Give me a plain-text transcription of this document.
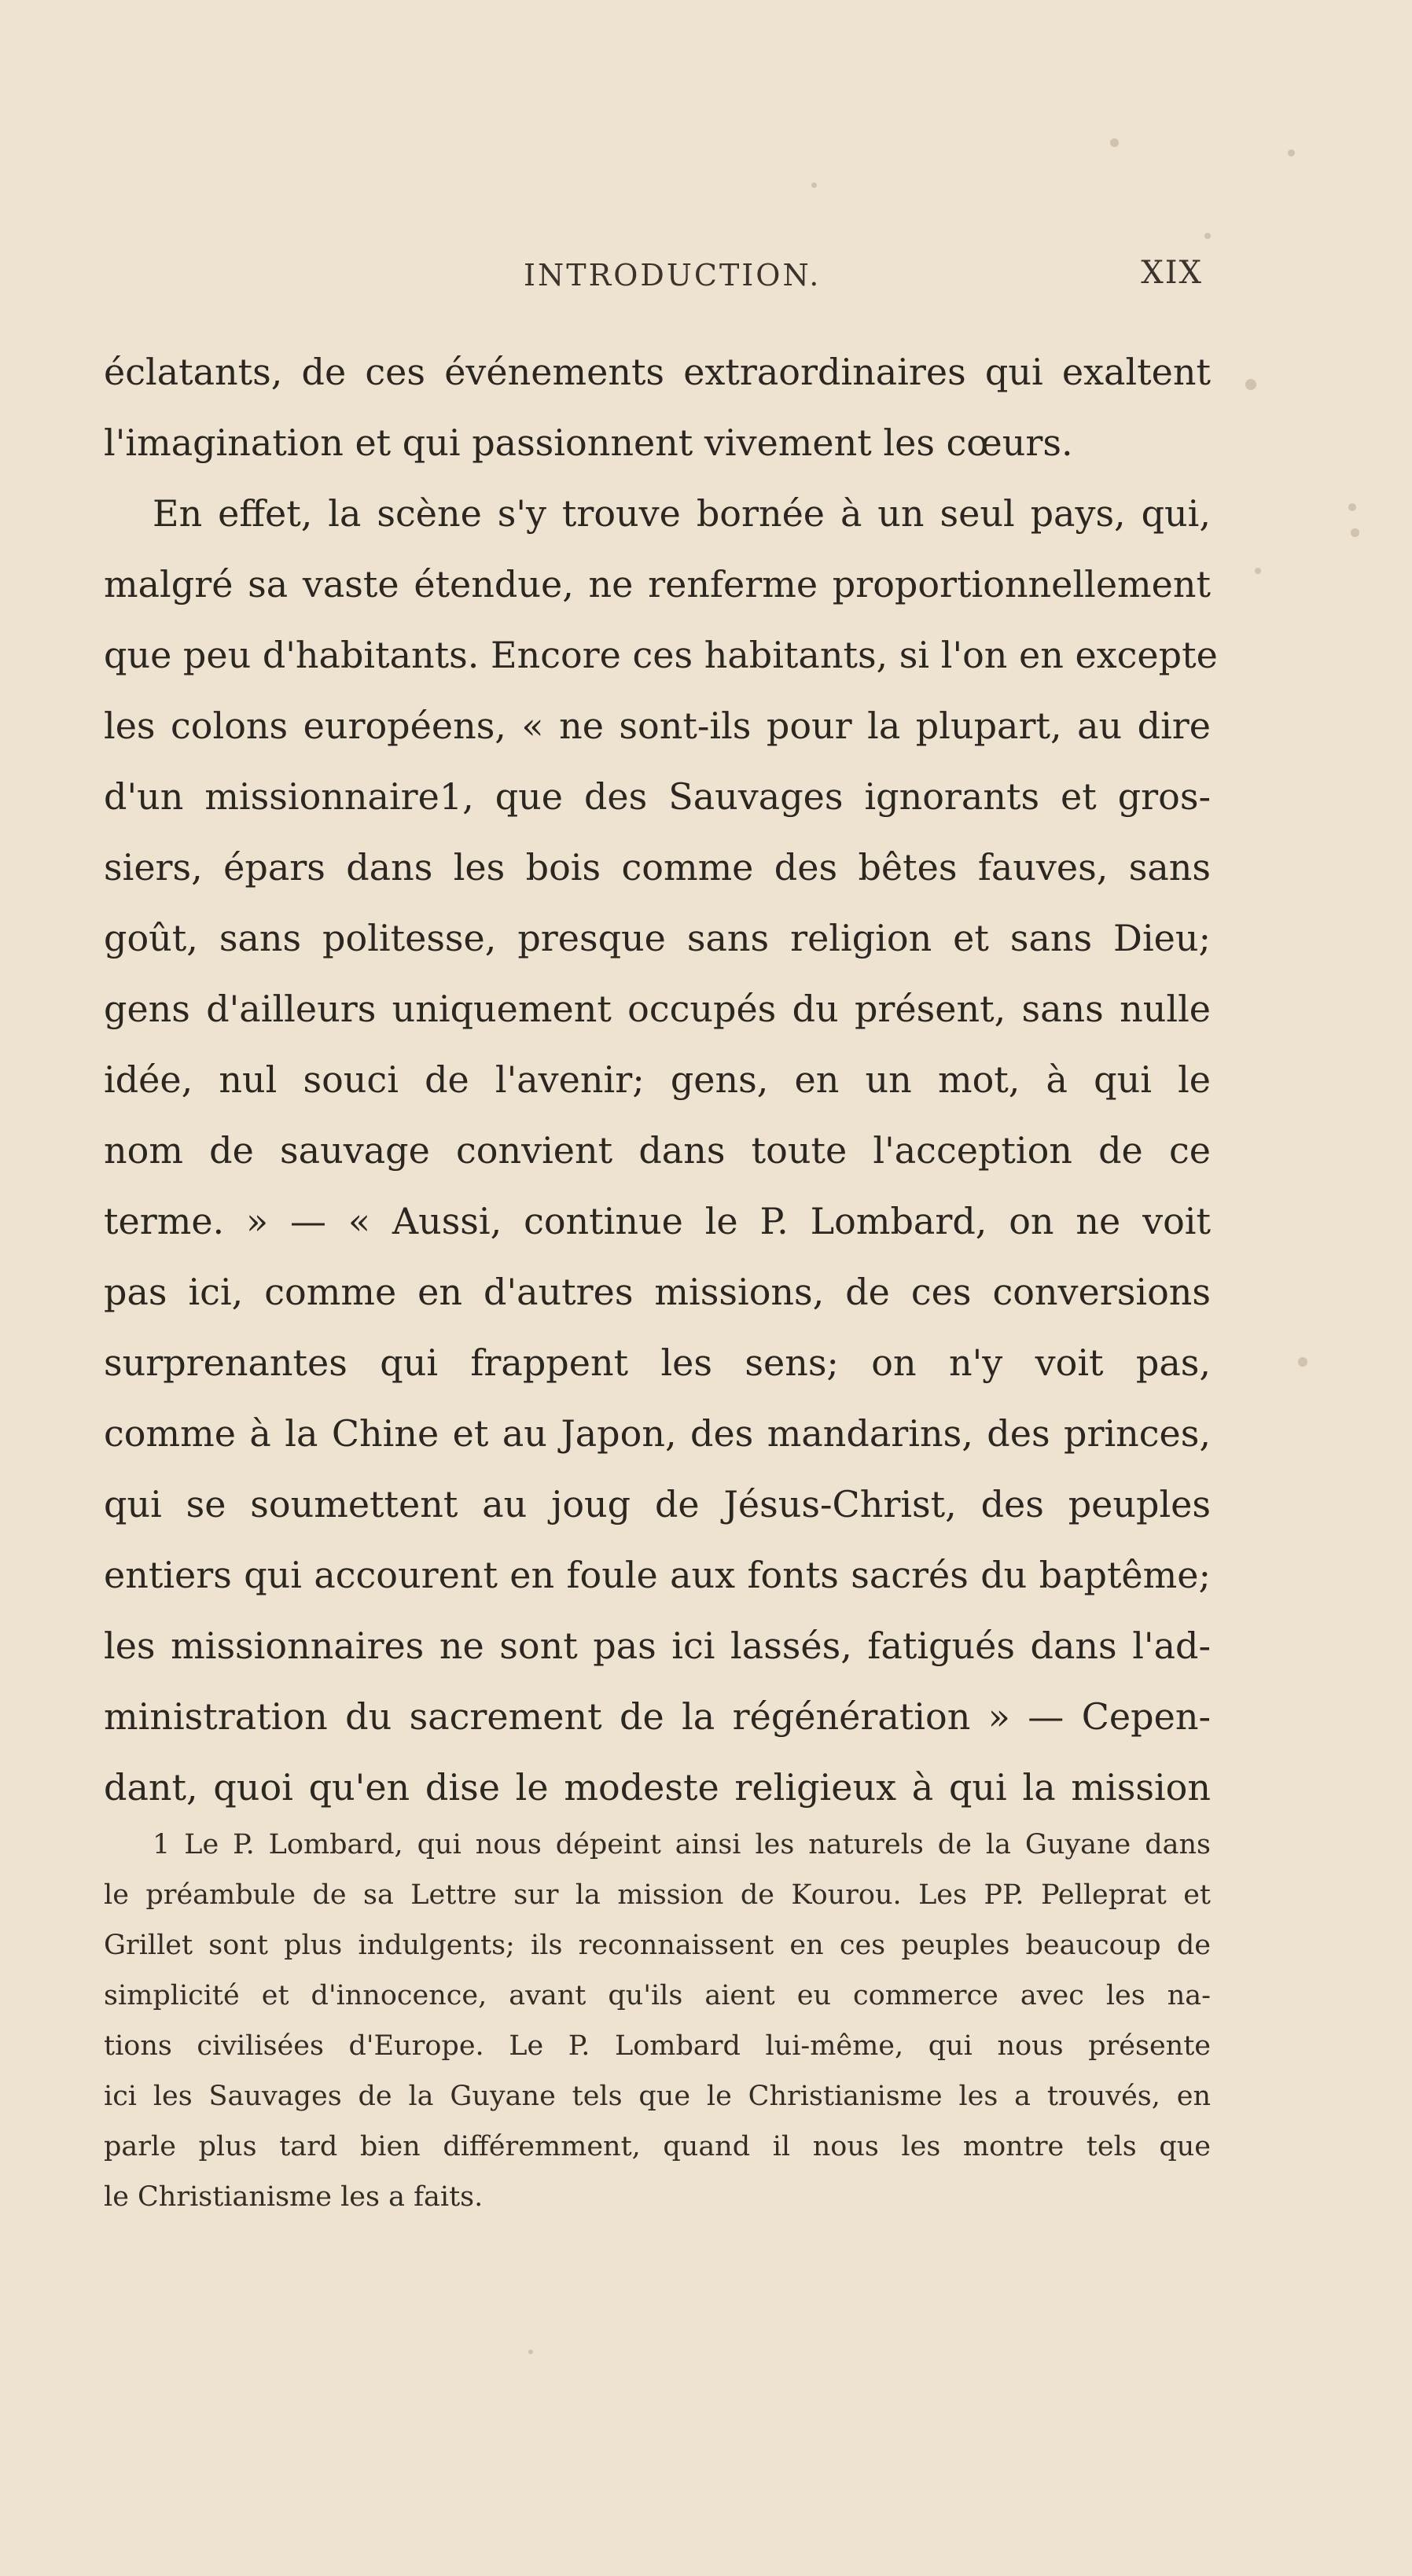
INTRODUCTION.	XIX
éclatants, de ces événements extraordinaires qui exaltent
l'imagination et qui passionnent vivement les cœurs.
En effet, la scène s'y trouve bornée à un seul pays, qui,
malgré sa vaste étendue, ne renferme proportionnellement
que peu d'habitants. Encore ces habitants, si l'on en excepte
les colons européens, « ne sont-ils pour la plupart, au dire
d'un missionnaire1, que des Sauvages ignorants et gros-
siers, épars dans les bois comme des bêtes fauves, sans
goût, sans politesse, presque sans religion et sans Dieu;
gens d'ailleurs uniquement occupés du présent, sans nulle
idée, nul souci de l'avenir; gens, en un mot, à qui le
nom de sauvage convient dans toute l'acception de ce
terme. » — « Aussi, continue le P. Lombard, on ne voit
pas ici, comme en d'autres missions, de ces conversions
surprenantes qui frappent les sens; on n'y voit pas,
comme à la Chine et au Japon, des mandarins, des princes,
qui se soumettent au joug de Jésus-Christ, des peuples
entiers qui accourent en foule aux fonts sacrés du baptême;
les missionnaires ne sont pas ici lassés, fatigués dans l'ad-
ministration du sacrement de la régénération » — Cepen-
dant, quoi qu'en dise le modeste religieux à qui la mission
1 Le P. Lombard, qui nous dépeint ainsi les naturels de la Guyane dans
le préambule de sa Lettre sur la mission de Kourou. Les PP. Pelleprat et
Grillet sont plus indulgents; ils reconnaissent en ces peuples beaucoup de
simplicité et d'innocence, avant qu'ils aient eu commerce avec les na-
tions civilisées d'Europe. Le P. Lombard lui-même, qui nous présente
ici les Sauvages de la Guyane tels que le Christianisme les a trouvés, en
parle plus tard bien différemment, quand il nous les montre tels que
le Christianisme les a faits.
